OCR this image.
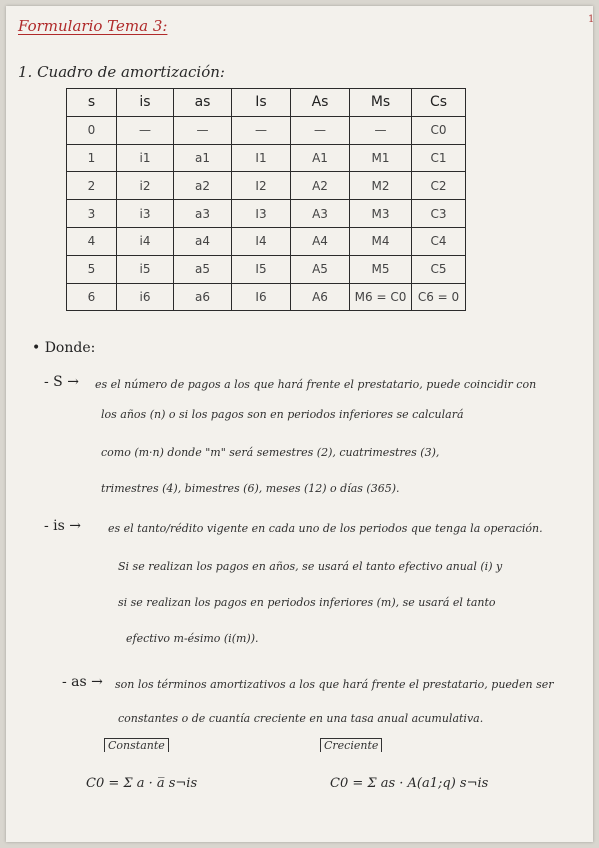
1
Formulario Tema 3:
1. Cuadro de amortización:
s	is	as	Is	As	Ms	Cs
0	—	—	—	—	—	C0
1	i1	a1	I1	A1	M1	C1
2	i2	a2	I2	A2	M2	C2
3	i3	a3	I3	A3	M3	C3
4	i4	a4	I4	A4	M4	C4
5	i5	a5	I5	A5	M5	C5
6	i6	a6	I6	A6	M6 = C0	C6 = 0
• Donde:
- S → es el número de pagos a los que hará frente el prestatario, puede coincidir con
los años (n) o si los pagos son en periodos inferiores se calculará
como (m·n) donde "m" será semestres (2), cuatrimestres (3),
trimestres (4), bimestres (6), meses (12) o días (365).
- is → es el tanto/rédito vigente en cada uno de los periodos que tenga la operación.
Si se realizan los pagos en años, se usará el tanto efectivo anual (i) y
si se realizan los pagos en periodos inferiores (m), se usará el tanto
efectivo m-ésimo (i(m)).
- as → son los términos amortizativos a los que hará frente el prestatario, pueden ser
constantes o de cuantía creciente en una tasa anual acumulativa.
Constante	Creciente
C0 = Σ a · a̅ s¬is	C0 = Σ as · A(a1;q) s¬is
